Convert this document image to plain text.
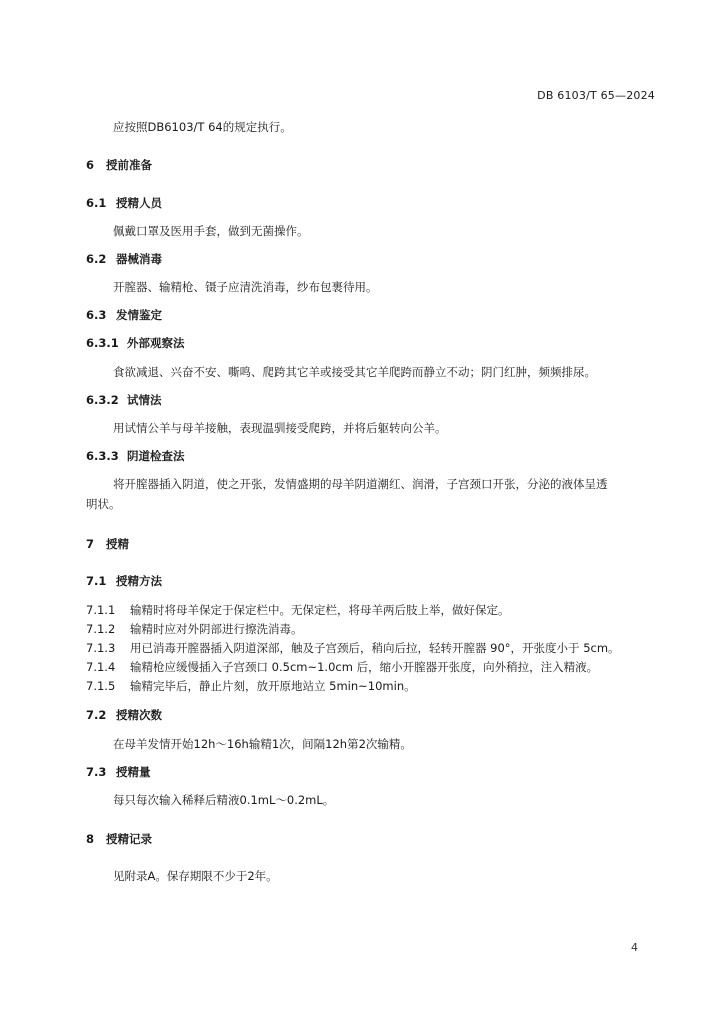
DB 6103/T 65—2024
应按照DB6103/T 64的规定执行。
6 授前准备
6.1 授精人员
佩戴口罩及医用手套，做到无菌操作。
6.2 器械消毒
开膣器、输精枪、镊子应清洗消毒，纱布包裹待用。
6.3 发情鉴定
6.3.1 外部观察法
食欲减退、兴奋不安、嘶鸣、爬跨其它羊或接受其它羊爬跨而静立不动；阴门红肿，频频排尿。
6.3.2 试情法
用试情公羊与母羊接触，表现温驯接受爬跨，并将后躯转向公羊。
6.3.3 阴道检查法
将开膣器插入阴道，使之开张，发情盛期的母羊阴道潮红、润滑，子宫颈口开张，分泌的液体呈透
明状。
7 授精
7.1 授精方法
7.1.1 输精时将母羊保定于保定栏中。无保定栏，将母羊两后肢上举，做好保定。
7.1.2 输精时应对外阴部进行擦洗消毒。
7.1.3 用已消毒开膣器插入阴道深部，触及子宫颈后，稍向后拉，轻转开膣器 90°，开张度小于 5cm。
7.1.4 输精枪应缓慢插入子宫颈口 0.5cm~1.0cm 后，缩小开膣器开张度，向外稍拉，注入精液。
7.1.5 输精完毕后，静止片刻，放开原地站立 5min~10min。
7.2 授精次数
在母羊发情开始12h～16h输精1次，间隔12h第2次输精。
7.3 授精量
每只每次输入稀释后精液0.1mL～0.2mL。
8 授精记录
见附录A。保存期限不少于2年。
4
